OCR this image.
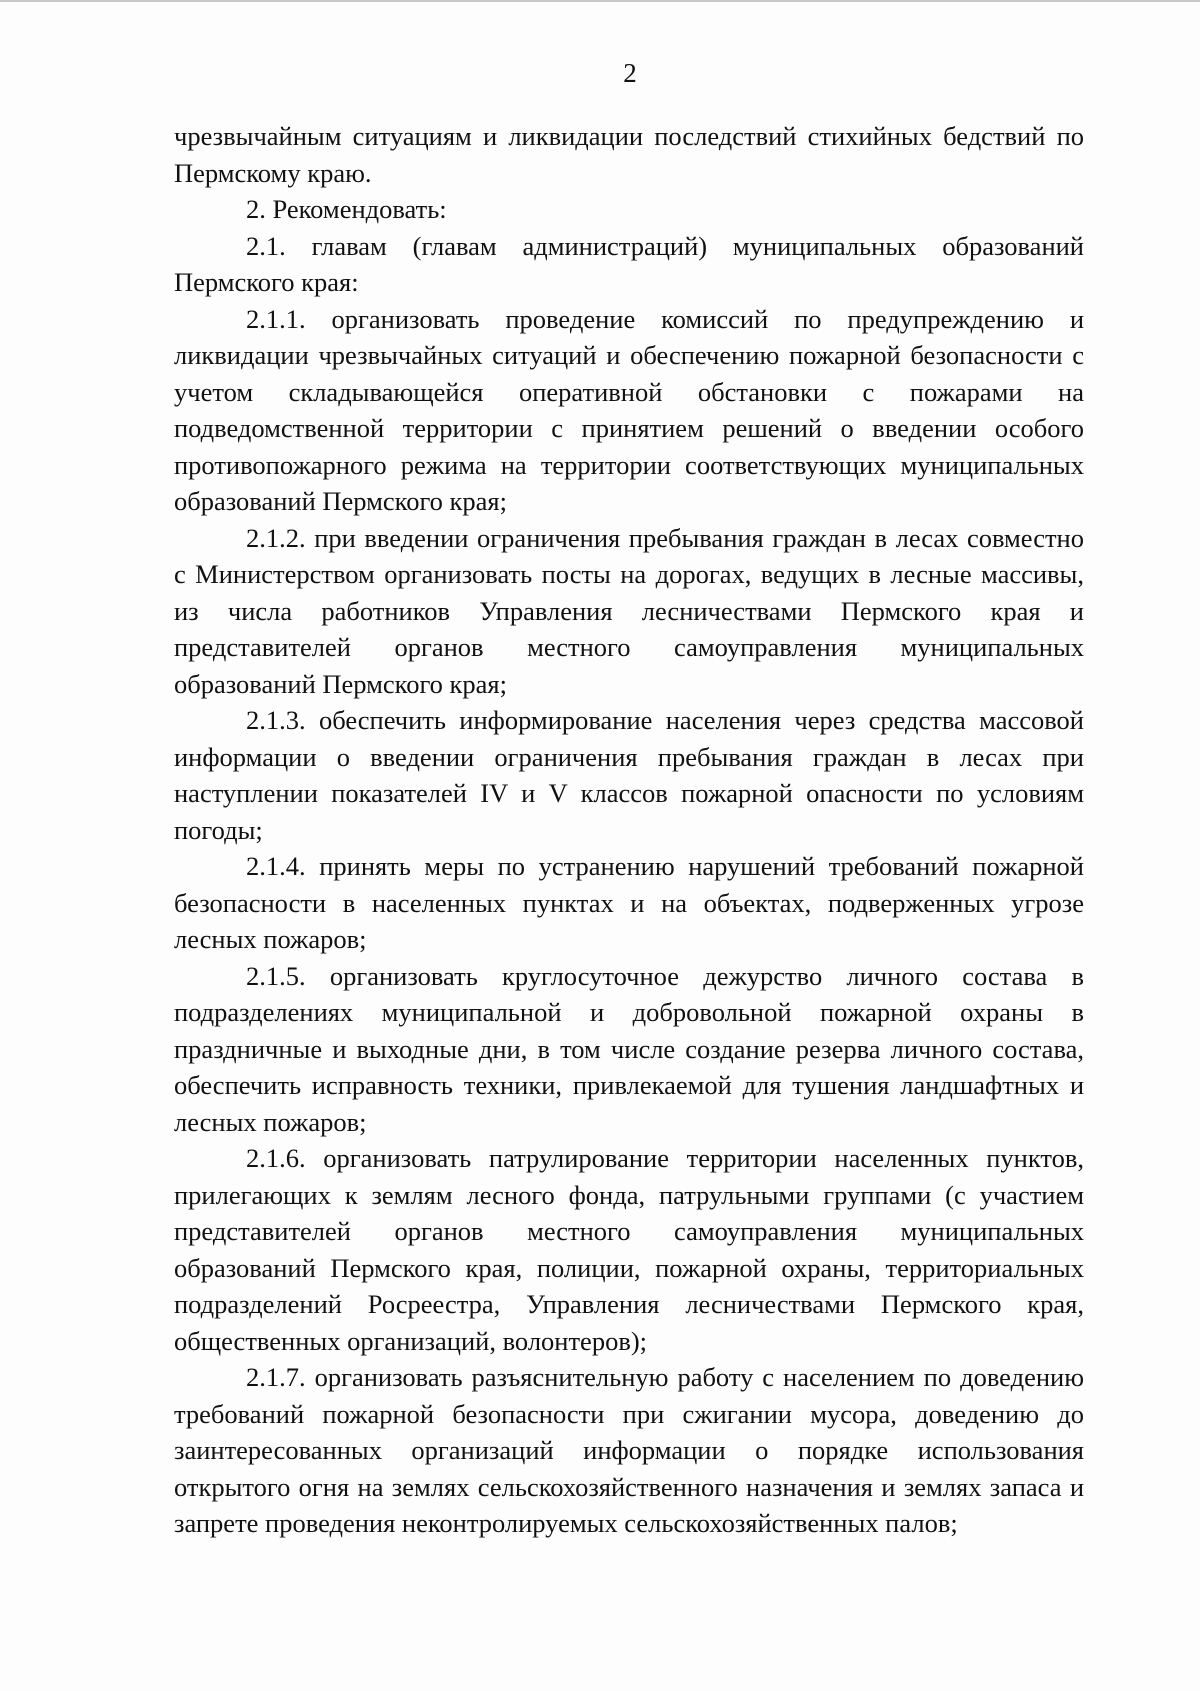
2

чрезвычайным ситуациям и ликвидации последствий стихийных бедствий по Пермскому краю.

2. Рекомендовать:

2.1. главам (главам администраций) муниципальных образований Пермского края:

2.1.1. организовать проведение комиссий по предупреждению и ликвидации чрезвычайных ситуаций и обеспечению пожарной безопасности с учетом складывающейся оперативной обстановки с пожарами на подведомственной территории с принятием решений о введении особого противопожарного режима на территории соответствующих муниципальных образований Пермского края;

2.1.2. при введении ограничения пребывания граждан в лесах совместно с Министерством организовать посты на дорогах, ведущих в лесные массивы, из числа работников Управления лесничествами Пермского края и представителей органов местного самоуправления муниципальных образований Пермского края;

2.1.3. обеспечить информирование населения через средства массовой информации о введении ограничения пребывания граждан в лесах при наступлении показателей IV и V классов пожарной опасности по условиям погоды;

2.1.4. принять меры по устранению нарушений требований пожарной безопасности в населенных пунктах и на объектах, подверженных угрозе лесных пожаров;

2.1.5. организовать круглосуточное дежурство личного состава в подразделениях муниципальной и добровольной пожарной охраны в праздничные и выходные дни, в том числе создание резерва личного состава, обеспечить исправность техники, привлекаемой для тушения ландшафтных и лесных пожаров;

2.1.6. организовать патрулирование территории населенных пунктов, прилегающих к землям лесного фонда, патрульными группами (с участием представителей органов местного самоуправления муниципальных образований Пермского края, полиции, пожарной охраны, территориальных подразделений Росреестра, Управления лесничествами Пермского края, общественных организаций, волонтеров);

2.1.7. организовать разъяснительную работу с населением по доведению требований пожарной безопасности при сжигании мусора, доведению до заинтересованных организаций информации о порядке использования открытого огня на землях сельскохозяйственного назначения и землях запаса и запрете проведения неконтролируемых сельскохозяйственных палов;
